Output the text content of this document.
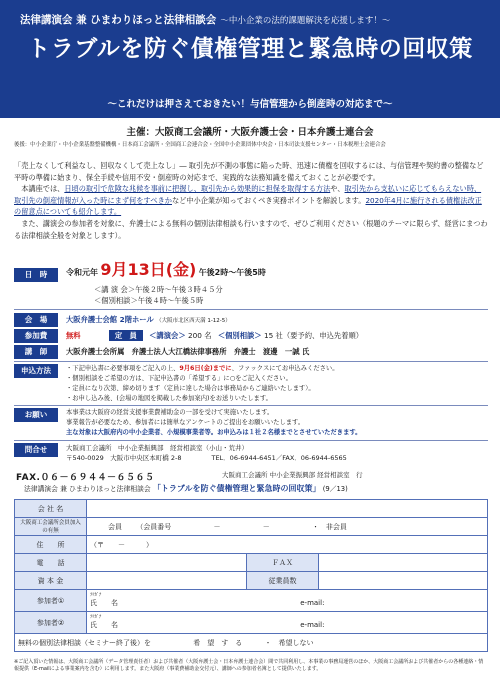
法律講演会 兼 ひまわりほっと法律相談会 ～中小企業の法的課題解決を応援します！～
トラブルを防ぐ債権管理と緊急時の回収策
～これだけは押さえておきたい！与信管理から倒産時の対応まで～
主催：大阪商工会議所・大阪弁護士会・日本弁護士連合会
後援：中小企業庁・中小企業基盤整備機構・日本商工会議所・全国商工会連合会・全国中小企業団体中央会・日本司法支援センター・日本税理士会連合会

「売上なくして利益なし、回収なくして売上なし」― 取引先が不測の事態に陥った時、迅速に債権を回収するには、与信管理や契約書の整備など平時の準備に始まり、保全手続や信用不安・倒産時の対応まで、実践的な法務知識を備えておくことが必要です。

　本講座では、日頃の取引で危険な兆候を事前に把握し、取引先から効果的に担保を取得する方法や、取引先から支払いに応じてもらえない時、取引先の倒産情報が入った時にまず何をすべきかなど中小企業が知っておくべき実務ポイントを解説します。2020年4月に施行される債権法改正の留意点についても紹介します。

　また、講演会の参加者を対象に、弁護士による無料の個別法律相談も行いますので、ぜひご利用ください（根題のテーマに限らず、経営にまつわる法律相談全般を対象とします）。

日　時	令和元年 9月13日(金) 午後2時～午後5時
＜講 演 会＞午後２時～午後３時４５分
＜個別相談＞午後４時～午後５時
会　場	大阪弁護士会館 2階ホール （大阪市北区西天満 1-12-5）
参加費	無料	定　員 ＜講演会＞ 200 名 ＜個別相談＞ 15 社（要予約、申込先着順）
講　師	大阪弁護士会所属　弁護士法人大江橋法律事務所　弁護士　渡邊　一誠 氏
申込方法	・下記申込書に必要事項をご記入の上、9月6日(金)までに、ファックスにてお申込みください。
・個別相談をご希望の方は、下記申込書の「希望する」に○をご記入ください。
・定員になり次第、締め切ります（定員に達した場合は事務局からご連絡いたします）。
・お申し込み後、(会場の地図を掲載した参加案内)をお送りいたします。
お願い	本事業は大阪府の経営支援事業費補助金の一部を受けて実施いたします。
事業報告が必要なため、参加者には簡単なアンケートのご提出をお願いいたします。
主な対象は大阪府内の中小企業者、小規模事業者等。お申込みは１社２名様までとさせていただきます。
問合せ	大阪商工会議所　中小企業振興部　経営相談室（小山・荒井）
〒540-0029　大阪市中央区本町橋 2-8	TEL．06-6944-6451／FAX．06-6944-6565
FAX.０６－６９４４－６５６５	大阪商工会議所 中小企業振興部 経営相談室　行
法律講演会 兼 ひまわりほっと法律相談会 「トラブルを防ぐ債権管理と緊急時の回収策」 (9／13)
会 社 名			
大阪商工会議所会員加入の有無	会員 （会員番号 － － ・　非会員		
住　　所	（〒　　－　　　）		
電　　話		ＦＡＸ	
資 本 金		従業員数	
参加者①	ﾌﾘｶﾞﾅ
氏　　名 e-mail:		
参加者②	ﾌﾘｶﾞﾅ
氏　　名 e-mail:		
無料の個別法律相談（セミナー終了後）を 希　望　す　る ・　希望しない			
※ご記入頂いた情報は、大阪商工会議所（データ管理責任者）および共催者（大阪弁護士会・日本弁護士連合会）間で共同利用し、本事業の事務局運営のほか、大阪商工会議所および共催者からの各種連絡・情報提供（E-mailによる事業案内を含む）に利用します。また大阪府（事業費補助金交付元）、講師への参加者名簿として提供いたします。
